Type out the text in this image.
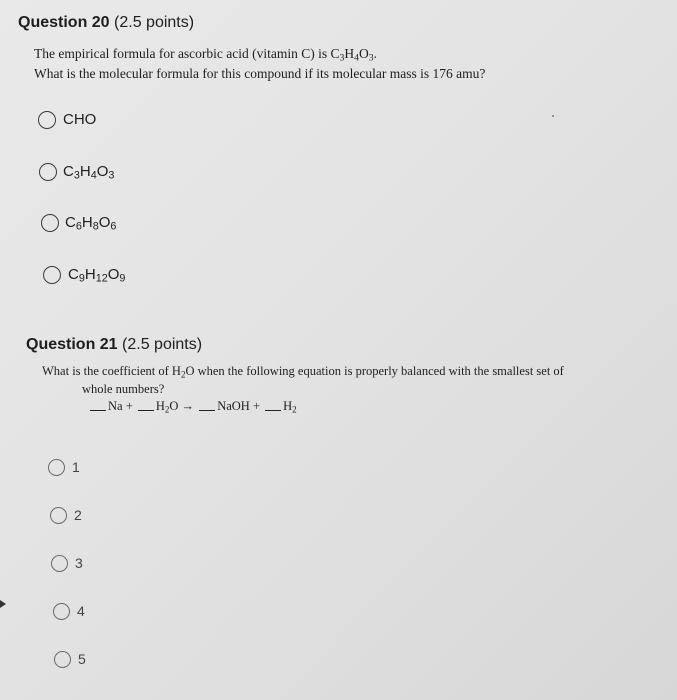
Question 20 (2.5 points)
The empirical formula for ascorbic acid (vitamin C) is $C_3H_4O_3$.
What is the molecular formula for this compound if its molecular mass is 176 amu?
CHO
$C_3H_4O_3$
$C_6H_8O_6$
$C_9H_{12}O_9$
Question 21 (2.5 points)
What is the coefficient of $H_2O$ when the following equation is properly balanced with the smallest set of
whole numbers?
$Na + H_2O$ → NaOH + $H_2$
1
2
3
4
5
